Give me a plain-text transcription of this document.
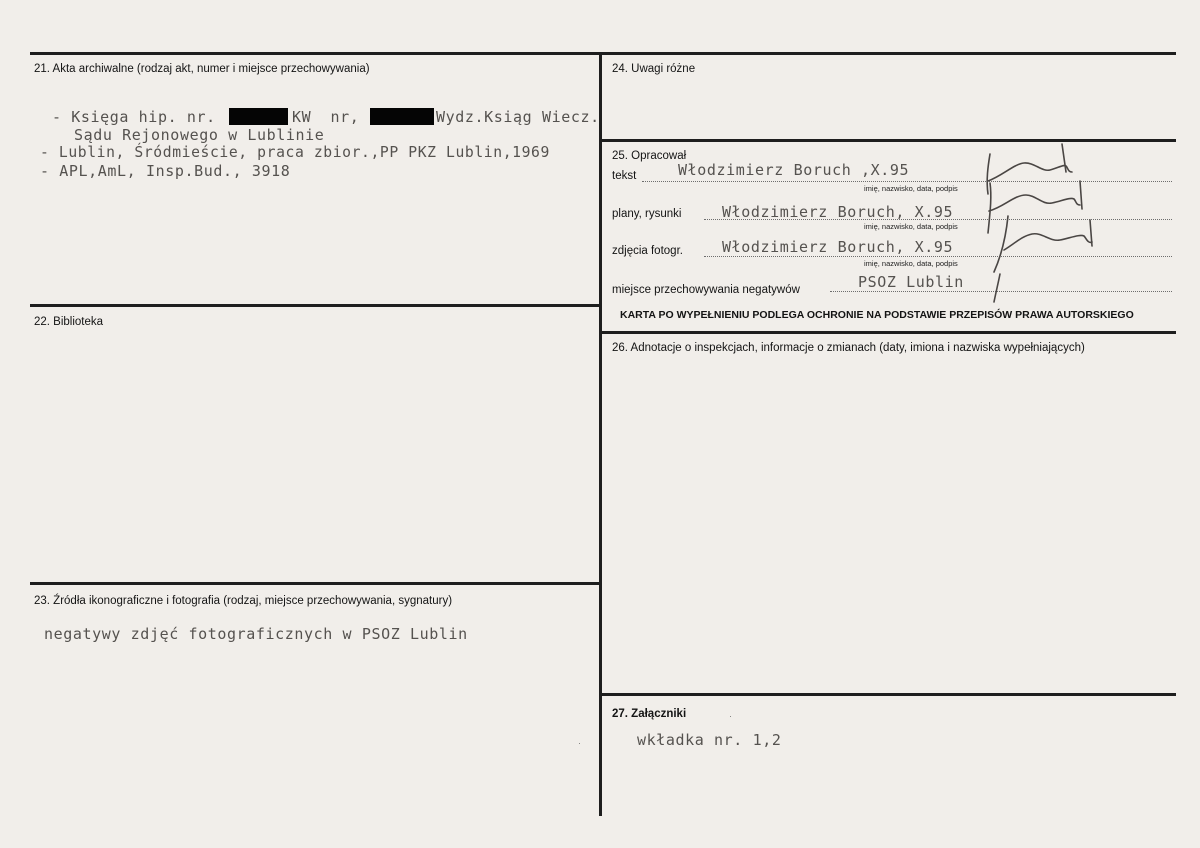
21. Akta archiwalne (rodzaj akt, numer i miejsce przechowywania)
- Księga hip. nr.	KW  nr,	Wydz.Ksiąg Wiecz.
Sądu Rejonowego w Lublinie
- Lublin, Śródmieście, praca zbior.,PP PKZ Lublin,1969
- APL,AmL, Insp.Bud., 3918
22. Biblioteka
23. Źródła ikonograficzne i fotografia (rodzaj, miejsce przechowywania, sygnatury)
negatywy zdjęć fotograficznych w PSOZ Lublin
24. Uwagi różne
25. Opracował
tekst	Włodzimierz Boruch ,X.95
imię, nazwisko, data, podpis
plany, rysunki	Włodzimierz Boruch, X.95
imię, nazwisko, data, podpis
zdjęcia fotogr.	Włodzimierz Boruch, X.95
imię, nazwisko, data, podpis
miejsce przechowywania negatywów	PSOZ Lublin
KARTA PO WYPEŁNIENIU PODLEGA OCHRONIE NA PODSTAWIE PRZEPISÓW PRAWA AUTORSKIEGO
26. Adnotacje o inspekcjach, informacje o zmianach (daty, imiona i nazwiska wypełniających)
27. Załączniki
wkładka nr. 1,2
·
·
